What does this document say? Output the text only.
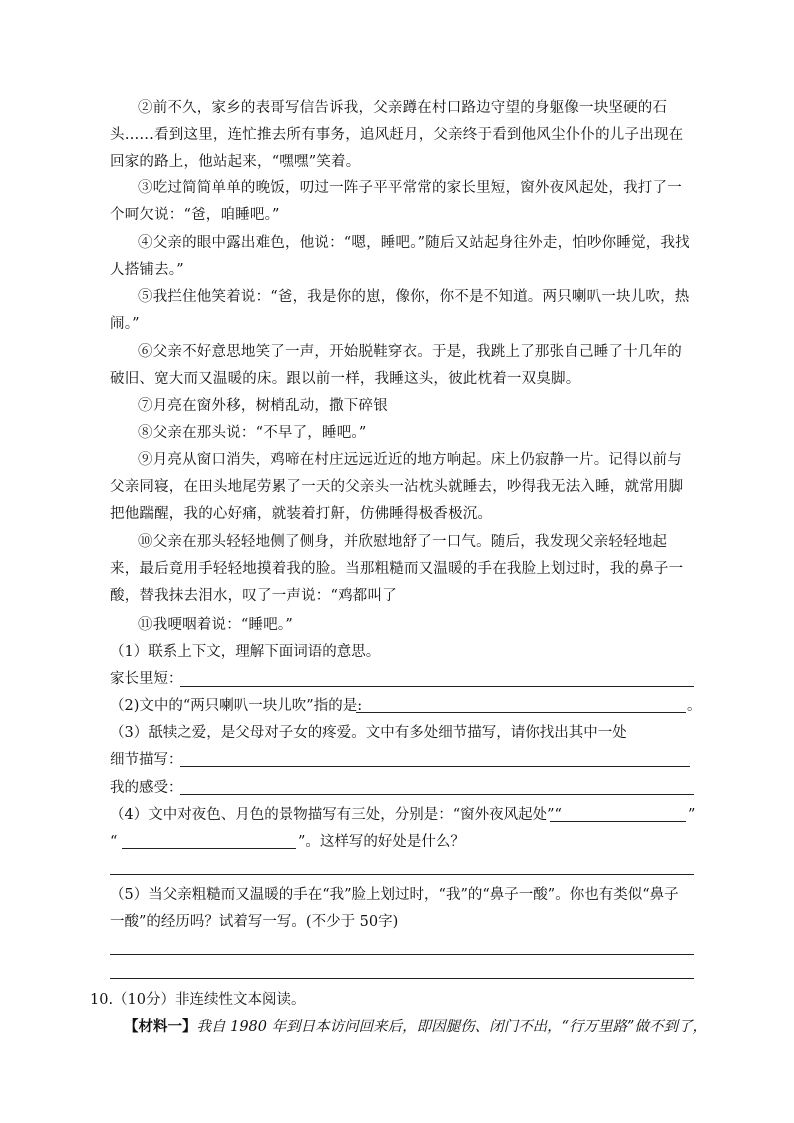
②前不久，家乡的表哥写信告诉我，父亲蹲在村口路边守望的身躯像一块坚硬的石头……看到这里，连忙推去所有事务，追风赶月，父亲终于看到他风尘仆仆的儿子出现在回家的路上，他站起来，“嘿嘿”笑着。

③吃过简简单单的晚饭，叨过一阵子平平常常的家长里短，窗外夜风起处，我打了一个呵欠说：“爸，咱睡吧。”

④父亲的眼中露出难色，他说：“嗯，睡吧。”随后又站起身往外走，怕吵你睡觉，我找人搭铺去。”

⑤我拦住他笑着说：“爸，我是你的崽，像你，你不是不知道。两只喇叭一块儿吹，热闹。”

⑥父亲不好意思地笑了一声，开始脱鞋穿衣。于是，我跳上了那张自己睡了十几年的破旧、宽大而又温暖的床。跟以前一样，我睡这头，彼此枕着一双臭脚。

⑦月亮在窗外移，树梢乱动，撒下碎银

⑧父亲在那头说：“不早了，睡吧。”

⑨月亮从窗口消失，鸡啼在村庄远远近近的地方响起。床上仍寂静一片。记得以前与父亲同寝，在田头地尾劳累了一天的父亲头一沾枕头就睡去，吵得我无法入睡，就常用脚把他踹醒，我的心好痛，就装着打鼾，仿佛睡得极香极沉。

⑩父亲在那头轻轻地侧了侧身，并欣慰地舒了一口气。随后，我发现父亲轻轻地起来，最后竟用手轻轻地摸着我的脸。当那粗糙而又温暖的手在我脸上划过时，我的鼻子一酸，替我抹去泪水，叹了一声说：“鸡都叫了

⑪我哽咽着说：“睡吧。”

（1）联系上下文，理解下面词语的意思。
家长里短：
（2)文中的“两只喇叭一块儿吹”指的是:	。
（3）舐犊之爱，是父母对子女的疼爱。文中有多处细节描写，请你找出其中一处
细节描写：
我的感受：
（4）文中对夜色、月色的景物描写有三处，分别是：“窗外夜风起处”“	”
“	”。这样写的好处是什么？
（5）当父亲粗糙而又温暖的手在“我”脸上划过时，“我”的“鼻子一酸”。你也有类似“鼻子
一酸”的经历吗？试着写一写。(不少于 50字)
10.（10分）非连续性文本阅读。

【材料一】我自 1980 年到日本访问回来后，即因腿伤、闭门不出，“行万里路”做不到了，
